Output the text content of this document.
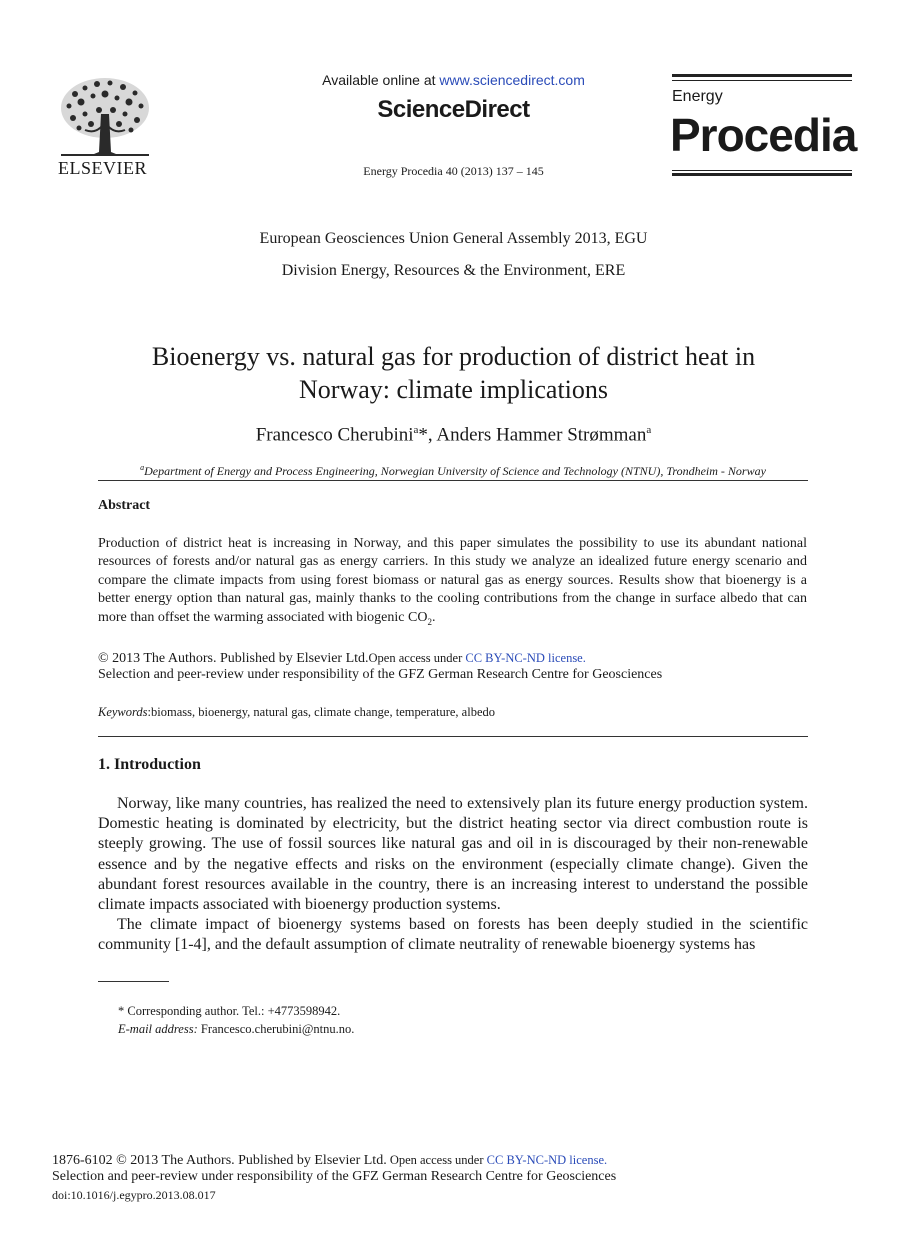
ELSEVIER
Available online at www.sciencedirect.com
ScienceDirect
Energy Procedia 40 (2013) 137 – 145
Energy
Procedia
European Geosciences Union General Assembly 2013, EGU
Division Energy, Resources & the Environment, ERE
Bioenergy vs. natural gas for production of district heat in
Norway: climate implications
Francesco Cherubini$^a$*, Anders Hammer Strømman$^a$
$^a$Department of Energy and Process Engineering, Norwegian University of Science and Technology (NTNU), Trondheim - Norway
Abstract
Production of district heat is increasing in Norway, and this paper simulates the possibility to use its abundant national resources of forests and/or natural gas as energy carriers. In this study we analyze an idealized future energy scenario and compare the climate impacts from using forest biomass or natural gas as energy sources. Results show that bioenergy is a better energy option than natural gas, mainly thanks to the cooling contributions from the change in surface albedo that can more than offset the warming associated with biogenic $CO_2$.
© 2013 The Authors. Published by Elsevier Ltd.Open access under CC BY-NC-ND license.
Selection and peer-review under responsibility of the GFZ German Research Centre for Geosciences
Keywords:biomass, bioenergy, natural gas, climate change, temperature, albedo
1. Introduction

Norway, like many countries, has realized the need to extensively plan its future energy production system. Domestic heating is dominated by electricity, but the district heating sector via direct combustion route is steeply growing. The use of fossil sources like natural gas and oil in is discouraged by their non-renewable essence and by the negative effects and risks on the environment (especially climate change). Given the abundant forest resources available in the country, there is an increasing interest to understand the possible climate impacts associated with bioenergy production systems.

The climate impact of bioenergy systems based on forests has been deeply studied in the scientific community [1-4], and the default assumption of climate neutrality of renewable bioenergy systems has

* Corresponding author. Tel.: +4773598942.
E-mail address: Francesco.cherubini@ntnu.no.
1876-6102 © 2013 The Authors. Published by Elsevier Ltd. Open access under CC BY-NC-ND license.
Selection and peer-review under responsibility of the GFZ German Research Centre for Geosciences
doi:10.1016/j.egypro.2013.08.017
